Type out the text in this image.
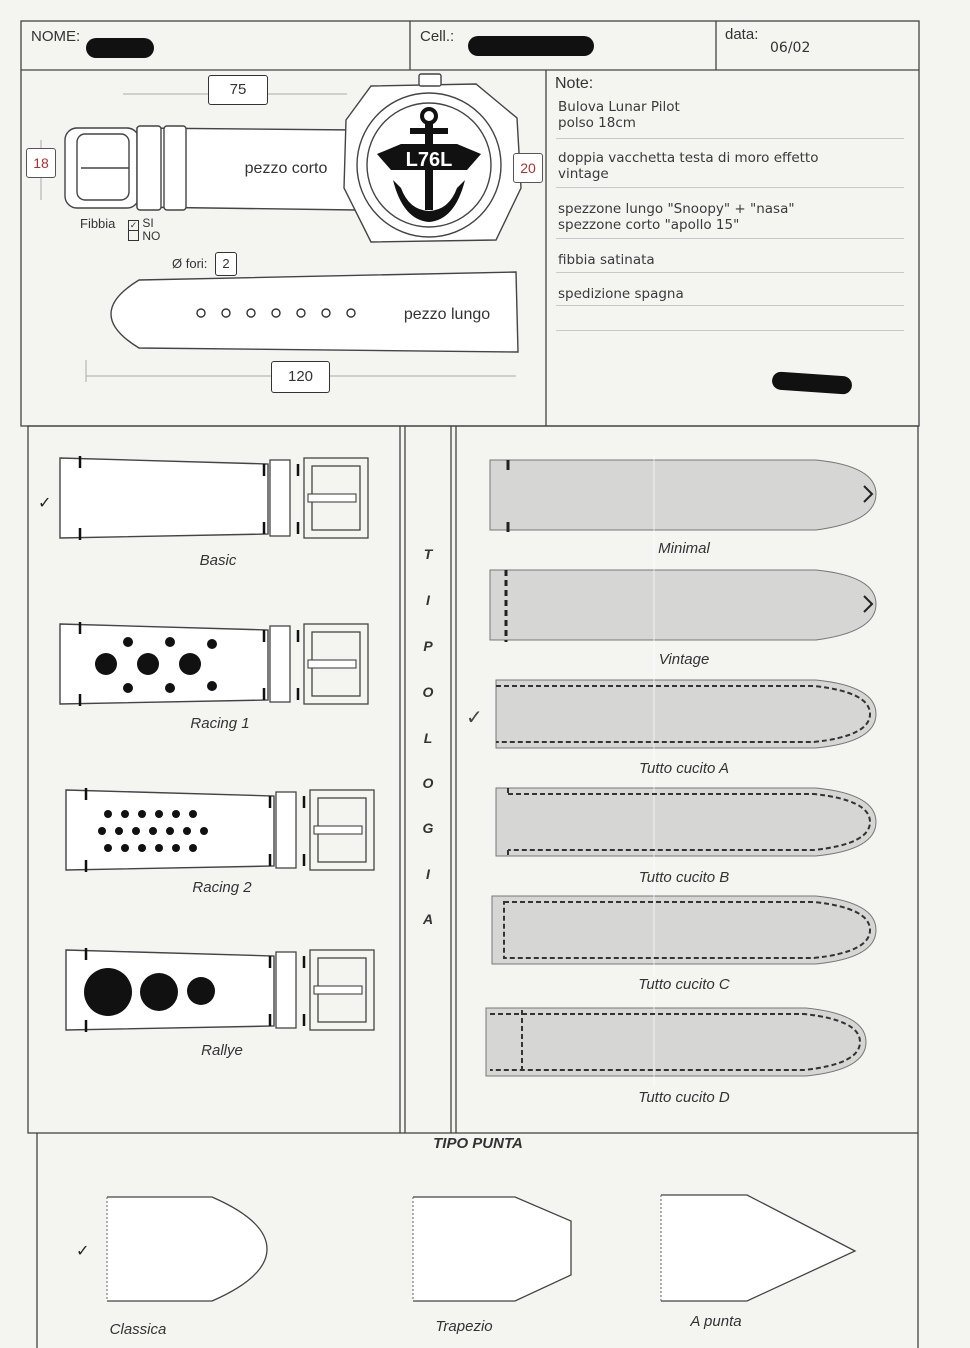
NOME:	Cell.:	data:
06/02
L76L
pezzo corto
pezzo lungo
75
18	20
Fibbia ✓ SI
NO
Ø fori:	2
120
Note:
Bulova Lunar Pilot
polso 18cm
doppia vacchetta testa di moro effetto
vintage
spezzone lungo "Snoopy" + "nasa"
spezzone corto "apollo 15"
fibbia satinata
spedizione spagna
✓
Basic
Racing 1
Racing 2
Rallye
T
I
P
O
L
O
G
I
A
✓
Minimal
Vintage
Tutto cucito A
Tutto cucito B
Tutto cucito C
Tutto cucito D
TIPO PUNTA
✓
Classica	Trapezio	A punta
